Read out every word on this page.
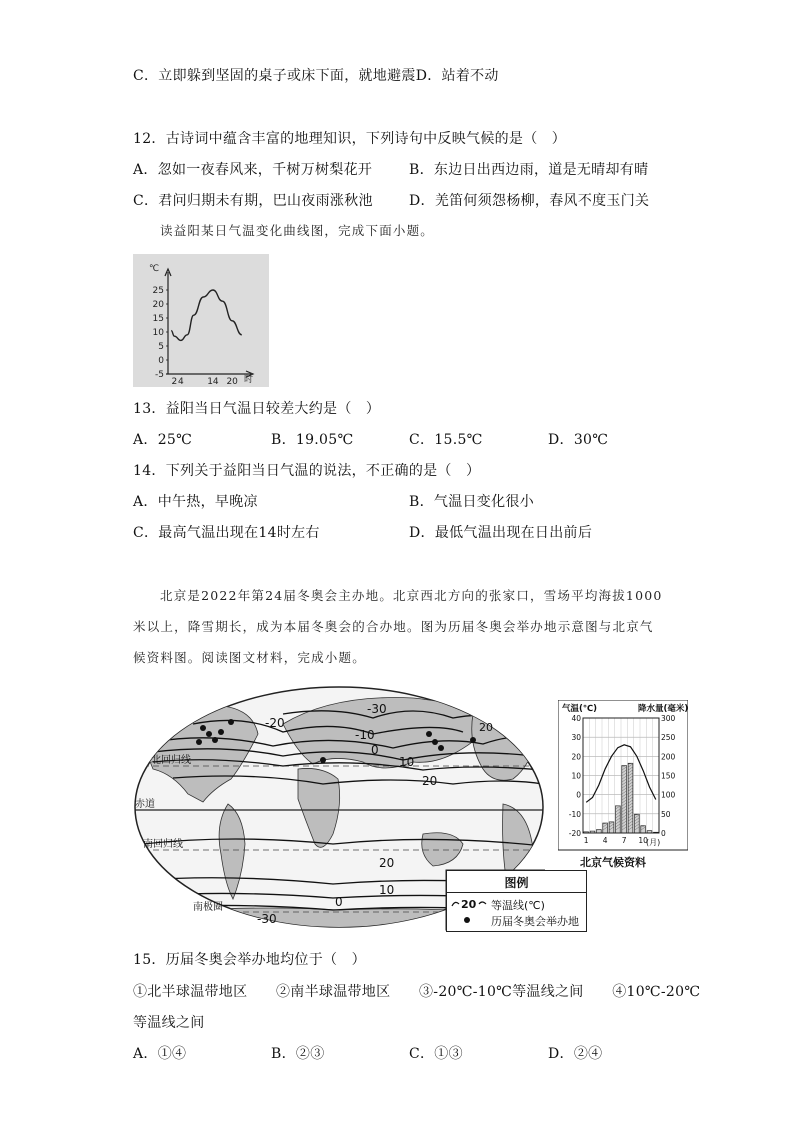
C．立即躲到坚固的桌子或床下面，就地避震D．站着不动
12．古诗词中蕴含丰富的地理知识，下列诗句中反映气候的是（　）
A．忽如一夜春风来，千树万树梨花开	B．东边日出西边雨，道是无晴却有晴
C．君问归期未有期，巴山夜雨涨秋池	D．羌笛何须怨杨柳，春风不度玉门关
读益阳某日气温变化曲线图，完成下面小题。
℃
25
20
15
10
5
0
-5
2 4	14 20 时
13．益阳当日气温日较差大约是（　）
A．25℃	B．19.05℃	C．15.5℃	D．30℃
14．下列关于益阳当日气温的说法，不正确的是（　）
A．中午热，早晚凉	B．气温日变化很小
C．最高气温出现在14时左右	D．最低气温出现在日出前后
北京是2022年第24届冬奥会主办地。北京西北方向的张家口，雪场平均海拔1000
米以上，降雪期长，成为本届冬奥会的合办地。图为历届冬奥会举办地示意图与北京气
候资料图。阅读图文材料，完成小题。
-30
-20
-10
0
10
20
20
20
10
0
-30
北回归线
赤道
南回归线
南极圈
图例
20 等温线(℃)
历届冬奥会举办地
气温(℃)	降水量(毫米)
40
30
20
10
0
-10
-20
300
250
200
150
100
50
0
1 4 7 10
(月)
北京气候资料
15．历届冬奥会举办地均位于（　）
①北半球温带地区　　②南半球温带地区　　③-20℃-10℃等温线之间　　④10℃-20℃
等温线之间
A．①④	B．②③	C．①③	D．②④
